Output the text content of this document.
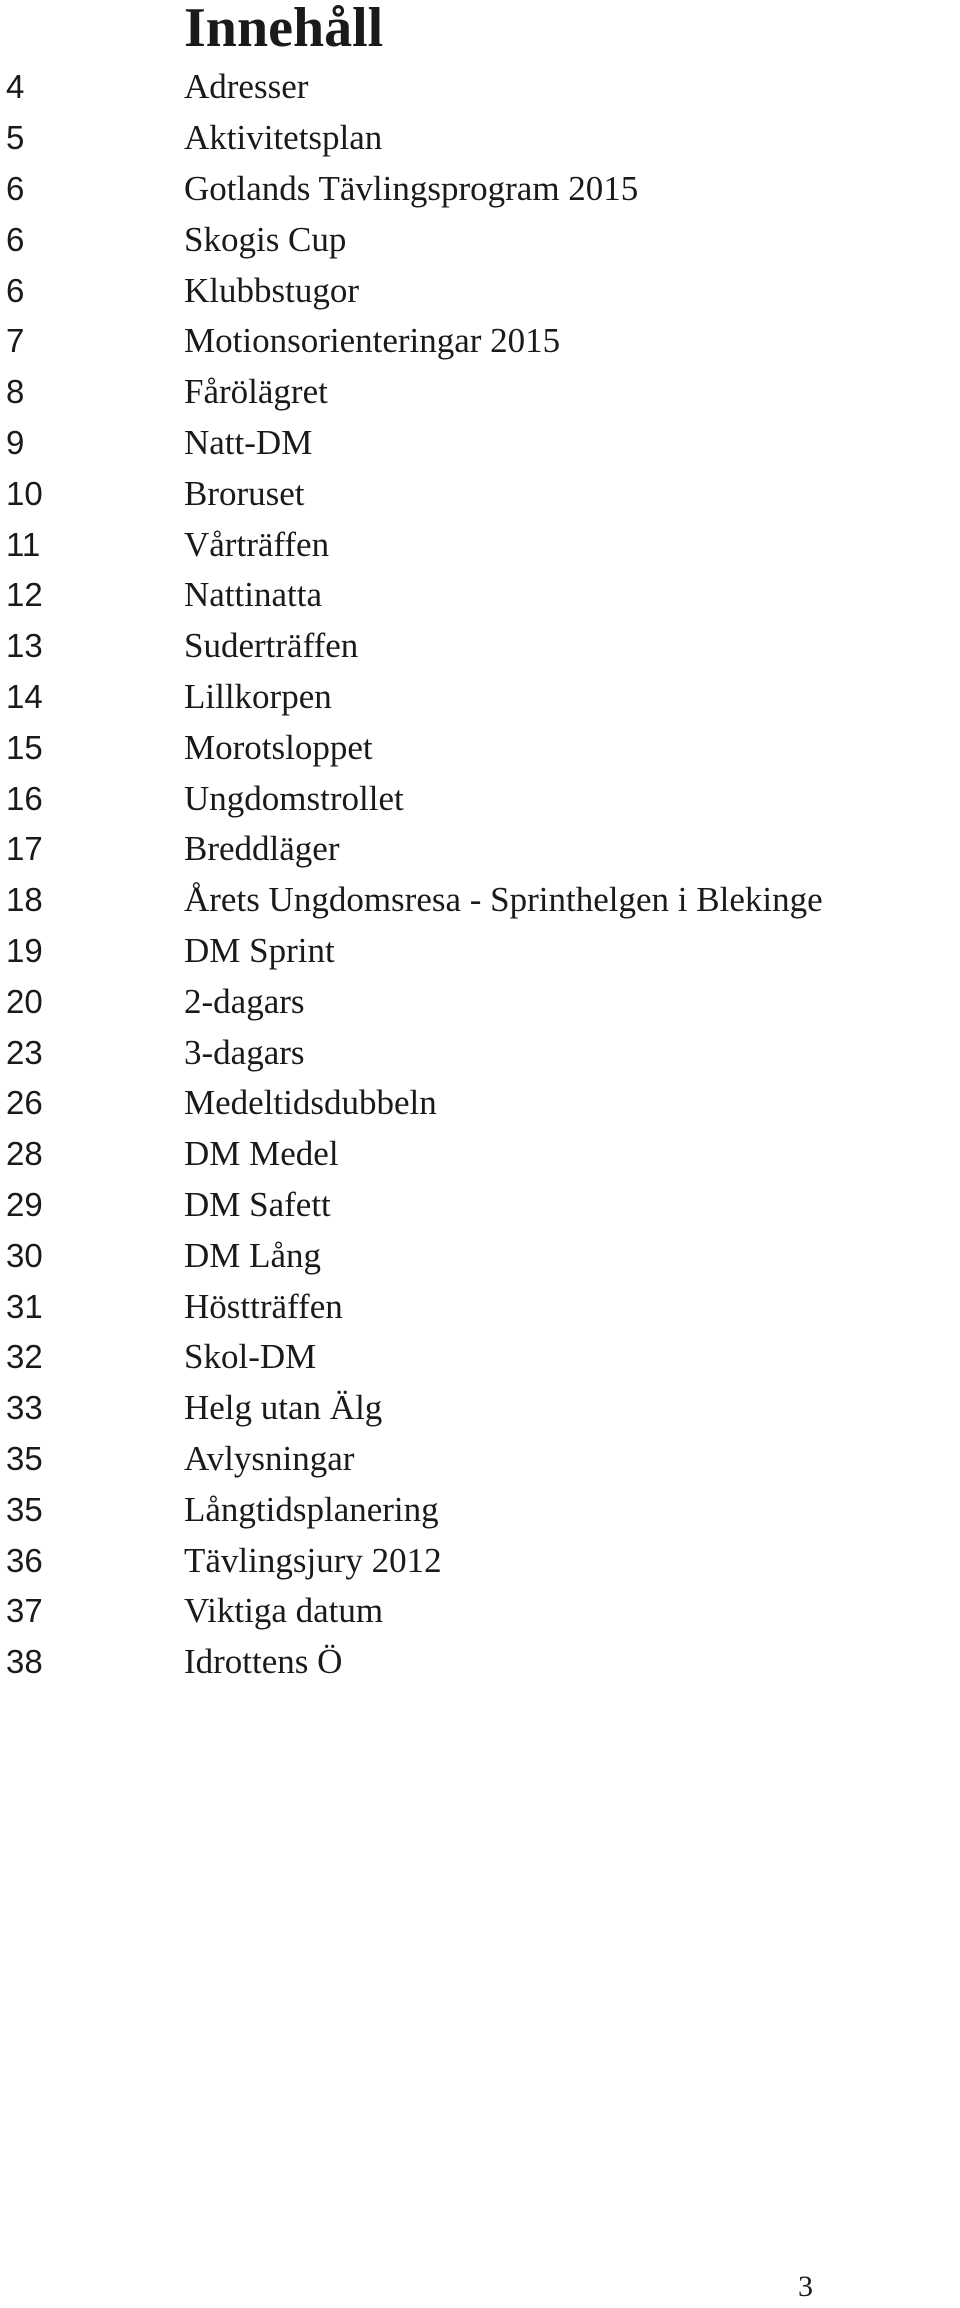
Innehåll
4	Adresser
5	Aktivitetsplan
6	Gotlands Tävlingsprogram 2015
6	Skogis Cup
6	Klubbstugor
7	Motionsorienteringar 2015
8	Fårölägret
9	Natt-DM
10	Broruset
11	Vårträffen
12	Nattinatta
13	Suderträffen
14	Lillkorpen
15	Morotsloppet
16	Ungdomstrollet
17	Breddläger
18	Årets Ungdomsresa - Sprinthelgen i Blekinge
19	DM Sprint
20	2-dagars
23	3-dagars
26	Medeltidsdubbeln
28	DM Medel
29	DM Safett
30	DM Lång
31	Höstträffen
32	Skol-DM
33	Helg utan Älg
35	Avlysningar
35	Långtidsplanering
36	Tävlingsjury 2012
37	Viktiga datum
38	Idrottens Ö
3
